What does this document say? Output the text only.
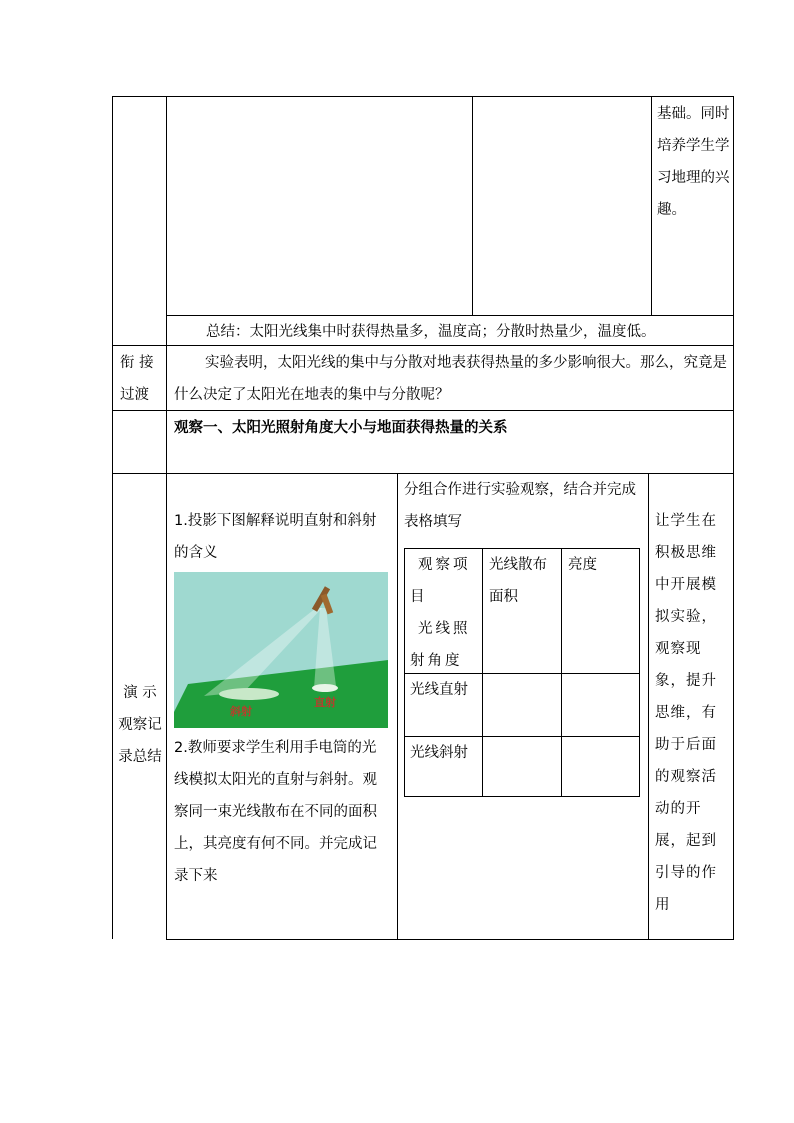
基础。同时培养学生学习地理的兴趣。
总结：太阳光线集中时获得热量多，温度高；分散时热量少，温度低。
衔 接过渡
实验表明，太阳光线的集中与分散对地表获得热量的多少影响很大。那么，究竟是什么决定了太阳光在地表的集中与分散呢？
观察一、太阳光照射角度大小与地面获得热量的关系
演 示观察记录总结
1.投影下图解释说明直射和斜射的含义
斜射
直射
2.教师要求学生利用手电筒的光线模拟太阳光的直射与斜射。观察同一束光线散布在不同的面积上，其亮度有何不同。并完成记录下来
分组合作进行实验观察，结合并完成表格填写
观察项目
光线照射角度
光线散布面积
亮度
光线直射
光线斜射
让学生在积极思维中开展模拟实验，观察现象，提升思维，有助于后面的观察活动的开展，起到引导的作用
